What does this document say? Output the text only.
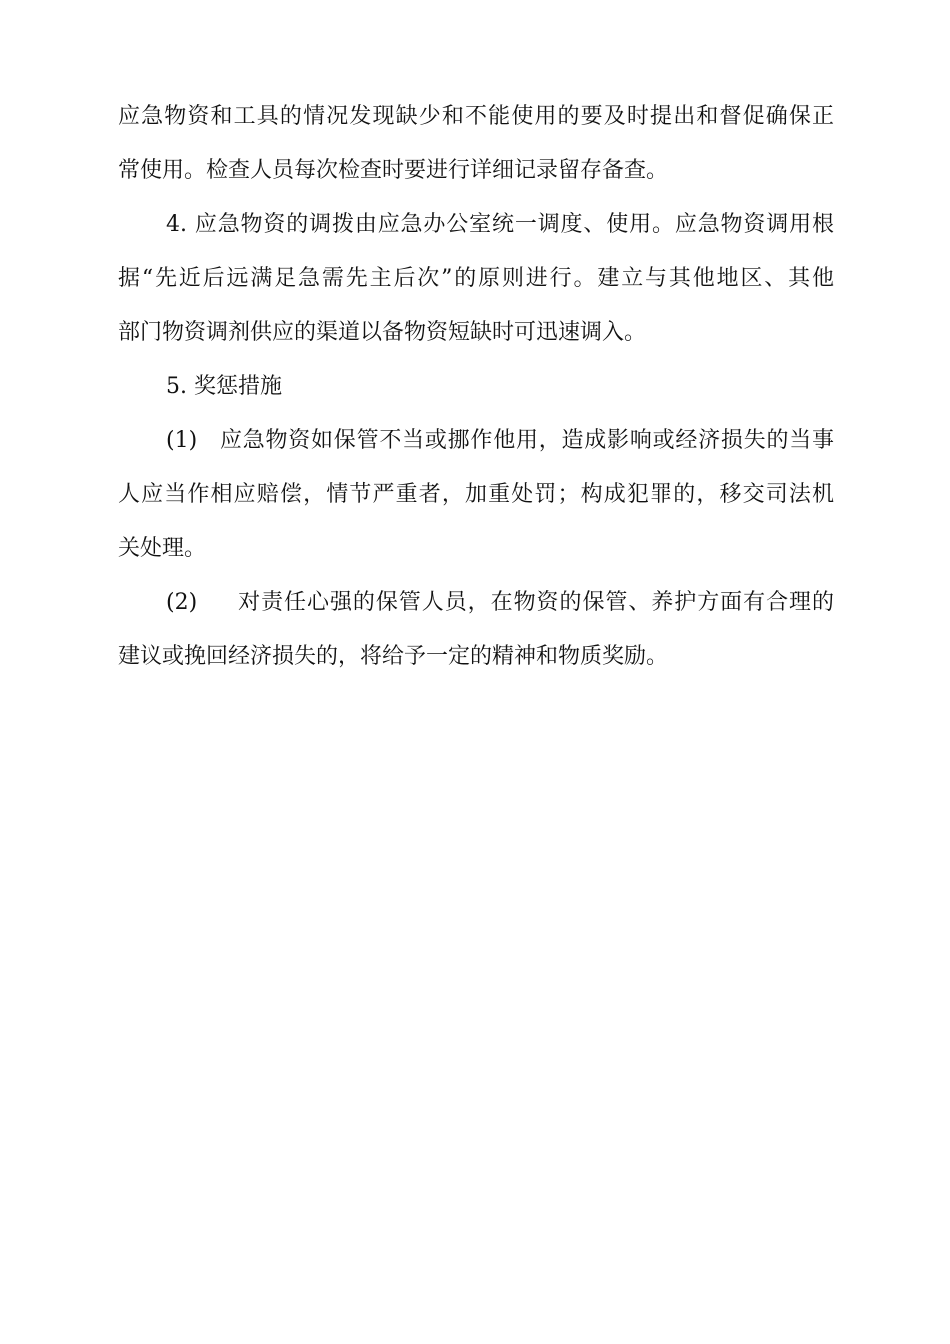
应急物资和工具的情况发现缺少和不能使用的要及时提出和督促确保正
常使用。检查人员每次检查时要进行详细记录留存备查。
4. 应急物资的调拨由应急办公室统一调度、使用。应急物资调用根
据“先近后远满足急需先主后次”的原则进行。建立与其他地区、其他
部门物资调剂供应的渠道以备物资短缺时可迅速调入。
5. 奖惩措施
(1) 应急物资如保管不当或挪作他用，造成影响或经济损失的当事
人应当作相应赔偿，情节严重者，加重处罚；构成犯罪的，移交司法机
关处理。
(2) 对责任心强的保管人员，在物资的保管、养护方面有合理的
建议或挽回经济损失的，将给予一定的精神和物质奖励。
